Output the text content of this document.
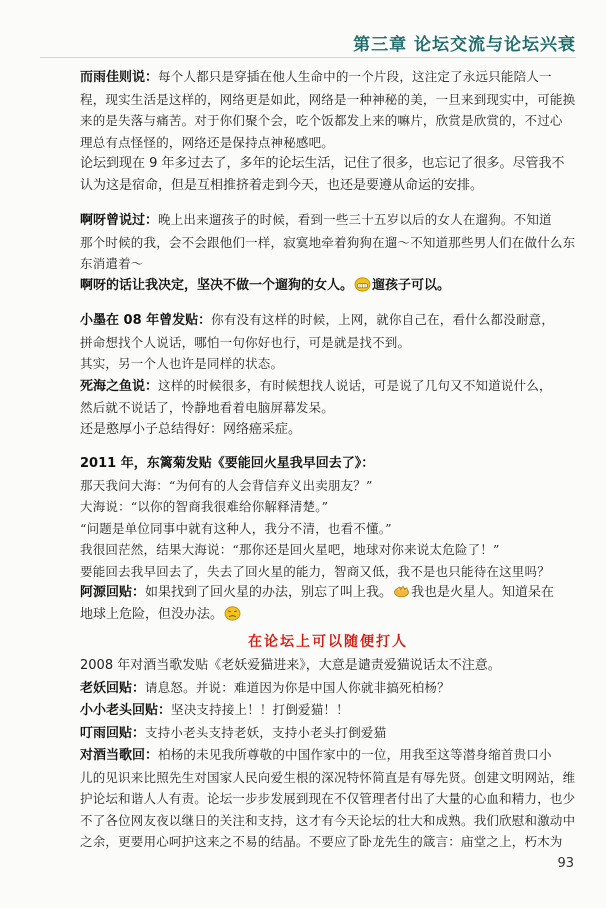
第三章 论坛交流与论坛兴衰

而雨佳则说：每个人都只是穿插在他人生命中的一个片段，这注定了永远只能陪人一

程，现实生活是这样的，网络更是如此，网络是一种神秘的美，一旦来到现实中，可能换

来的是失落与痛苦。对于你们聚个会，吃个饭都发上来的嘛片，欣赏是欣赏的，不过心

理总有点怪怪的，网络还是保持点神秘感吧。

论坛到现在 9 年多过去了，多年的论坛生活，记住了很多，也忘记了很多。尽管我不

认为这是宿命，但是互相推挤着走到今天，也还是要遵从命运的安排。

啊呀曾说过：晚上出来遛孩子的时候，看到一些三十五岁以后的女人在遛狗。不知道

那个时候的我，会不会跟他们一样，寂寞地牵着狗狗在遛～不知道那些男人们在做什么东

东消遣着～

啊呀的话让我决定，坚决不做一个遛狗的女人。 遛孩子可以。

小墨在 08 年曾发贴：你有没有这样的时候，上网，就你自己在，看什么都没耐意，

拼命想找个人说话，哪怕一句你好也行，可是就是找不到。

其实，另一个人也许是同样的状态。

死海之鱼说：这样的时候很多，有时候想找人说话，可是说了几句又不知道说什么，

然后就不说话了，怜静地看着电脑屏幕发呆。

还是憨厚小子总结得好：网络癌采症。

2011 年，东篱菊发贴《要能回火星我早回去了》：

那天我问大海：“为何有的人会背信弃义出卖朋友？”

大海说：“以你的智商我很难给你解释清楚。”

“问题是单位同事中就有这种人，我分不清，也看不懂。”

我很回茫然，结果大海说：“那你还是回火星吧，地球对你来说太危险了！”

要能回去我早回去了，失去了回火星的能力，智商又低，我不是也只能待在这里吗？

阿源回贴：如果找到了回火星的办法，别忘了叫上我。 我也是火星人。知道呆在

地球上危险，但没办法。

在论坛上可以随便打人

2008 年对酒当歌发贴《老妖爱猫进来》，大意是谴责爱猫说话太不注意。

老妖回贴：请息怒。并说：难道因为你是中国人你就非搞死柏杨？

小小老头回贴：坚决支持接上！！打倒爱猫！！

叮雨回贴：支持小老头支持老妖，支持小老头打倒爱猫

对酒当歌回：柏杨的未见我所尊敬的中国作家中的一位，用我至这等潜身缩首贵口小

儿的见识来比照先生对国家人民向爱生根的深况特怀简直是有辱先贤。创建文明网站，维

护论坛和谐人人有责。论坛一步步发展到现在不仅管理者付出了大量的心血和精力，也少

不了各位网友夜以继日的关注和支持，这才有今天论坛的壮大和成熟。我们欣慰和激动中

之余，更要用心呵护这来之不易的结晶。不要应了卧龙先生的箴言：庙堂之上，朽木为

93
